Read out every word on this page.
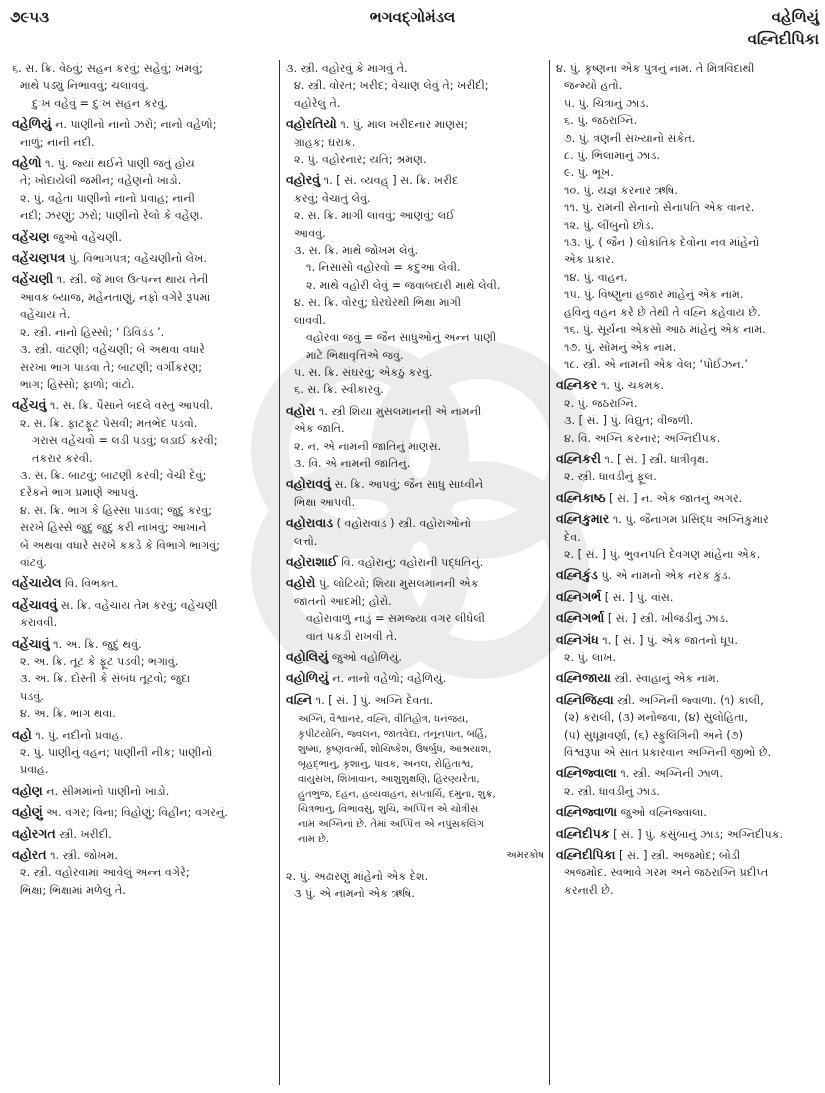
૭૯૫૩	ભગવદ્ગોમંડલ	વહેળિયું
વહ્નિદીપિકા
૬. સ. ક્રિ. વેઠવું; સહન કરવું; સહેવું; ખમવું;
માથે પડ્યું નિભાવવું; ચલાવવું.
દુઃખ વહેવું = દુઃખ સહન કરવું.
વહેળિયું ન. પાણીનો નાનો ઝરો; નાનો વહેળો;
નાળું; નાની નદી.
વહેળો ૧. પું. જ્યાં થઈને પાણી જતું હોય
તે; ખોદાયેલી જમીન; વહેણનો ખાડો.
૨. પું. વહેતા પાણીનો નાનો પ્રવાહ; નાની
નદી; ઝરણું; ઝરો; પાણીનો રેલો કે વહેણ.
વહેંચણ જુઓ વહેંચણી.
વહેંચણપત્ર પું. વિભાગપત્ર; વહેંચણીનો લેખ.
વહેંચણી ૧. સ્ત્રી. જે માલ ઉત્પન્ન થાય તેની
આવક બ્યાજ, મહેનતાણું, નફો વગેરે રૂપમાં
વહેંચાય તે.
૨. સ્ત્રી. નાનો હિસ્સો; ‘ ડિવિડંડ ’.
૩. સ્ત્રી. વાંટણી; વહેંચણી; બે અથવા વધારે
સરખા ભાગ પાડવા તે; બાટણી; વર્ગીકરણ;
ભાગ; હિસ્સો; ફાળો; વાંટો.
વહેંચવું ૧. સ. ક્રિ. પૈસાને બદલે વસ્તુ આપવી.
૨. સ. ક્રિ. ફાટફૂટ પેસવી; મતભેદ પડવો.
ગરાસ વહેંચવો = લડી પડવું; લડાઈ કરવી;
તકરાર કરવી.
૩. સ. ક્રિ. બાટવું; બાટણી કરવી; વેચી દેવું;
દરેકને ભાગ પ્રમાણે આપવું.
૪. સ. ક્રિ. ભાગ કે હિસ્સા પાડવા; જુદું કરવું;
સરખે હિસ્સે જુદું જુદું કરી નાખવું; આખાને
બે અથવા વધારે સરખે કકડે કે વિભાગે ભાગવું;
વાંટવું.
વહેંચાયેલ વિ. વિભક્ત.
વહેંચાવવું સ. ક્રિ. વહેંચાય તેમ કરવું; વહેંચણી
કરાવવી.
વહેંચાવું ૧. અ. ક્રિ. જુદું થવું.
૨. અ. ક્રિ. તૂટ કે ફૂટ પડવી; ભગાવું.
૩. અ. ક્રિ. દોસ્તી કે સંબંધ તૂટવો; જુદા
પડવું.
૪. અ. ક્રિ. ભાગ થવા.
વહો ૧. પું. નદીનો પ્રવાહ.
૨. પું. પાણીનું વહન; પાણીની નીક; પાણીનો
પ્રવાહ.
વહોણ ન. સીમમાંનો પાણીનો ખાડો.
વહોણું અ. વગર; વિના; વિહોણું; વિહીન; વગરનું.
વહોરગત સ્ત્રી. ખરીદી.
વહોરત ૧. સ્ત્રી. જોખમ.
૨. સ્ત્રી. વહોરવામાં આવેલું અન્ન વગેરે;
ભિક્ષા; ભિક્ષામાં મળેલું તે.
૩. સ્ત્રી. વહોરવું કે માગવું તે.
૪. સ્ત્રી. વોરત; ખરીદ; વેચાણ લેવું તે; ખરીદી;
વહોરેલું તે.
વહોરતિયો ૧. પું. માલ ખરીદનાર માણસ;
ગ્રાહક; ઘરાક.
૨. પું. વહોરનાર; યતિ; શ્રમણ.
વહોરવું ૧. [ સં. વ્યવહ્ ] સ. ક્રિ. ખરીદ
કરવું; વેચાતું લેવું.
૨. સ. ક્રિ. માગી લાવવું; આણવું; લઈ
આવવું.
૩. સ. ક્રિ. માથે જોખમ લેવું.
૧. નિસાસો વહોરવો = કદુઆ લેવી.
૨. માથે વહોરી લેવું = જવાબદારી માથે લેવી.
૪. સ. ક્રિ. વોરવું; ઘેરઘેરથી ભિક્ષા માગી
લાવવી.
વહોરવા જવું = જૈન સાધુઓનું અન્ન પાણી
માટે ભિક્ષાવૃત્તિએ જવું.
૫. સ. ક્રિ. સંઘરવું; એકઠું કરવું.
૬. સ. ક્રિ. સ્વીકારવું.
વહોરા ૧. સ્ત્રી શિયા મુસલમાનની એ નામની
એક જાતિ.
૨. ન. એ નામની જાતિનું માણસ.
૩. વિ. એ નામની જાતિનું.
વહોરાવવું સ. ક્રિ. આપવું; જૈન સાધુ સાધ્વીને
ભિક્ષા આપવી.
વહોરાવાડ ( વહોરાવાડ઼ ) સ્ત્રી. વહોરાઓનો
લત્તો.
વહોરાશાઈ વિ. વહોરાનું; વહોરાની પદ્ધતિનું.
વહોરો પું. લોટિયો; શિયા મુસલમાનની એક
જાતનો આદમી; હોરો.
વહોરાવાળું નાડું = સમજ્યા વગર લીધેલી
વાત પકડી રાખવી તે.
વહોલિયું જુઓ વહોળિયું.
વહોળિયું ન. નાનો વહેળો; વહેળિયું.
વહ્નિ ૧. [ સં. ] પું. અગ્નિ દેવતા.
અગ્નિ, વૈશ્વાનર, વહ્નિ, વીતિહોત્ર, ધનંજય,
કૃપીટયોનિ, જ્વલન, જાતવેદા, તનૂનપાત, બર્હિ,
શુષ્મા, કૃષ્ણવર્ત્મા, શોચિષ્કેશ, ઉષર્બુધ, આશ્રયાશ,
બૃહદ્ભાનુ, કૃશાનુ, પાવક, અનલ, રોહિતાશ્વ,
વાયુસખ, શિખાવાન, આશુશુક્ષણિ, હિરણ્યરેતા,
હુતભુજ, દહન, હવ્યવાહન, સપ્તાર્ચિ, દમુના, શુક્ર,
ચિત્રભાનુ, વિભાવસુ, શુચિ, અપ્પિત્ત એ ચોત્રીસ
નામ અગ્નિનાં છે. તેમાં અપ્પિત્ત એ નપુંસકલિંગ
નામ છે.
અમરકોષ
૨. પું. અઢારણું માંહેનો એક દેશ.
૩ પું. એ નામનો એક ઋષિ.
૪. પું. કૃષ્ણના એક પુત્રનું નામ. તે મિત્રવિંદાથી
જન્મ્યો હતો.
૫. પું. ચિત્રાનું ઝાડ.
૬. પું. જઠરાગ્નિ.
૭. પું. ત્રણની સંખ્યાનો સંકેત.
૮. પું. ભિલામાનું ઝાડ.
૯. પું. ભૂખ.
૧૦. પું. યજ્ઞ કરનાર ઋષિ.
૧૧. પું. રામની સેનાનો સેનાપતિ એક વાનર.
૧૨. પું. લીંબુનો છોડ.
૧૩. પું. ( જૈન ) લોકાંતિક દેવોના નવ માંહેનો
એક પ્રકાર.
૧૪. પું. વાહન.
૧૫. પું. વિષ્ણુનાં હજાર માંહેનું એક નામ.
હવિનું વહન કરે છે તેથી તે વહ્નિ કહેવાય છે.
૧૬. પું. સૂર્યના એકસો આઠ માંહેનું એક નામ.
૧૭. પું. સોમનું એક નામ.
૧૮. સ્ત્રી. એ નામની એક વેલ; ‘પોઈઝન.’
વહ્નિકર ૧. પું. ચકમક.
૨. પું. જઠરાગ્નિ.
૩. [ સં. ] પું. વિદ્યુત; વીજળી.
૪. વિ. અગ્નિ કરનાર; અગ્નિદીપક.
વહ્નિકરી ૧. [ સં. ] સ્ત્રી. ધાત્રીવૃક્ષ.
૨. સ્ત્રી. ધાવડીનું ફૂલ.
વહ્નિકાષ્ઠ [ સં. ] ન. એક જાતનું અગર.
વહ્નિકુમાર ૧. પું. જૈનાગમ પ્રસિદ્ધ અગ્નિકુમાર
દેવ.
૨. [ સં. ] પું. ભુવનપતિ દેવગણ માંહેના એક.
વહ્નિકુંડ પું. એ નામનો એક નરક કુંડ.
વહ્નિગર્ભ [ સં. ] પું. વાંસ.
વહ્નિગર્ભા [ સં. ] સ્ત્રી. ખીજડીનું ઝાડ.
વહ્નિગંધ ૧. [ સં. ] પું. એક જાતનો ધૂપ.
૨. પું. લાખ.
વહ્નિજાયા સ્ત્રી. સ્વાહાનું એક નામ.
વહ્નિજિહ્વા સ્ત્રી. અગ્નિની જ્વાળા. (૧) કાલી,
(૨) કરાલી, (૩) મનોજવા, (૪) સુલોહિતા,
(૫) સુધૂમ્રવર્ણા, (૬) સ્ફુલિંગિની અને (૭)
વિશ્વરૂપા એ સાત પ્રકારવાન અગ્નિની જીભો છે.
વહ્નિજ્વાલા ૧. સ્ત્રી. અગ્નિની ઝાળ.
૨. સ્ત્રી. ધાવડીનું ઝાડ.
વહ્નિજ્વાળા જુઓ વહ્નિજ્વાલા.
વહ્નિદીપક [ સં. ] પું. કસુંબાનું ઝાડ; અગ્નિદીપક.
વહ્નિદીપિકા [ સં. ] સ્ત્રી. અજમોદ; બોડી
અજમોદ. સ્વભાવે ગરમ અને જઠરાગ્નિ પ્રદીપ્ત
કરનારી છે.
